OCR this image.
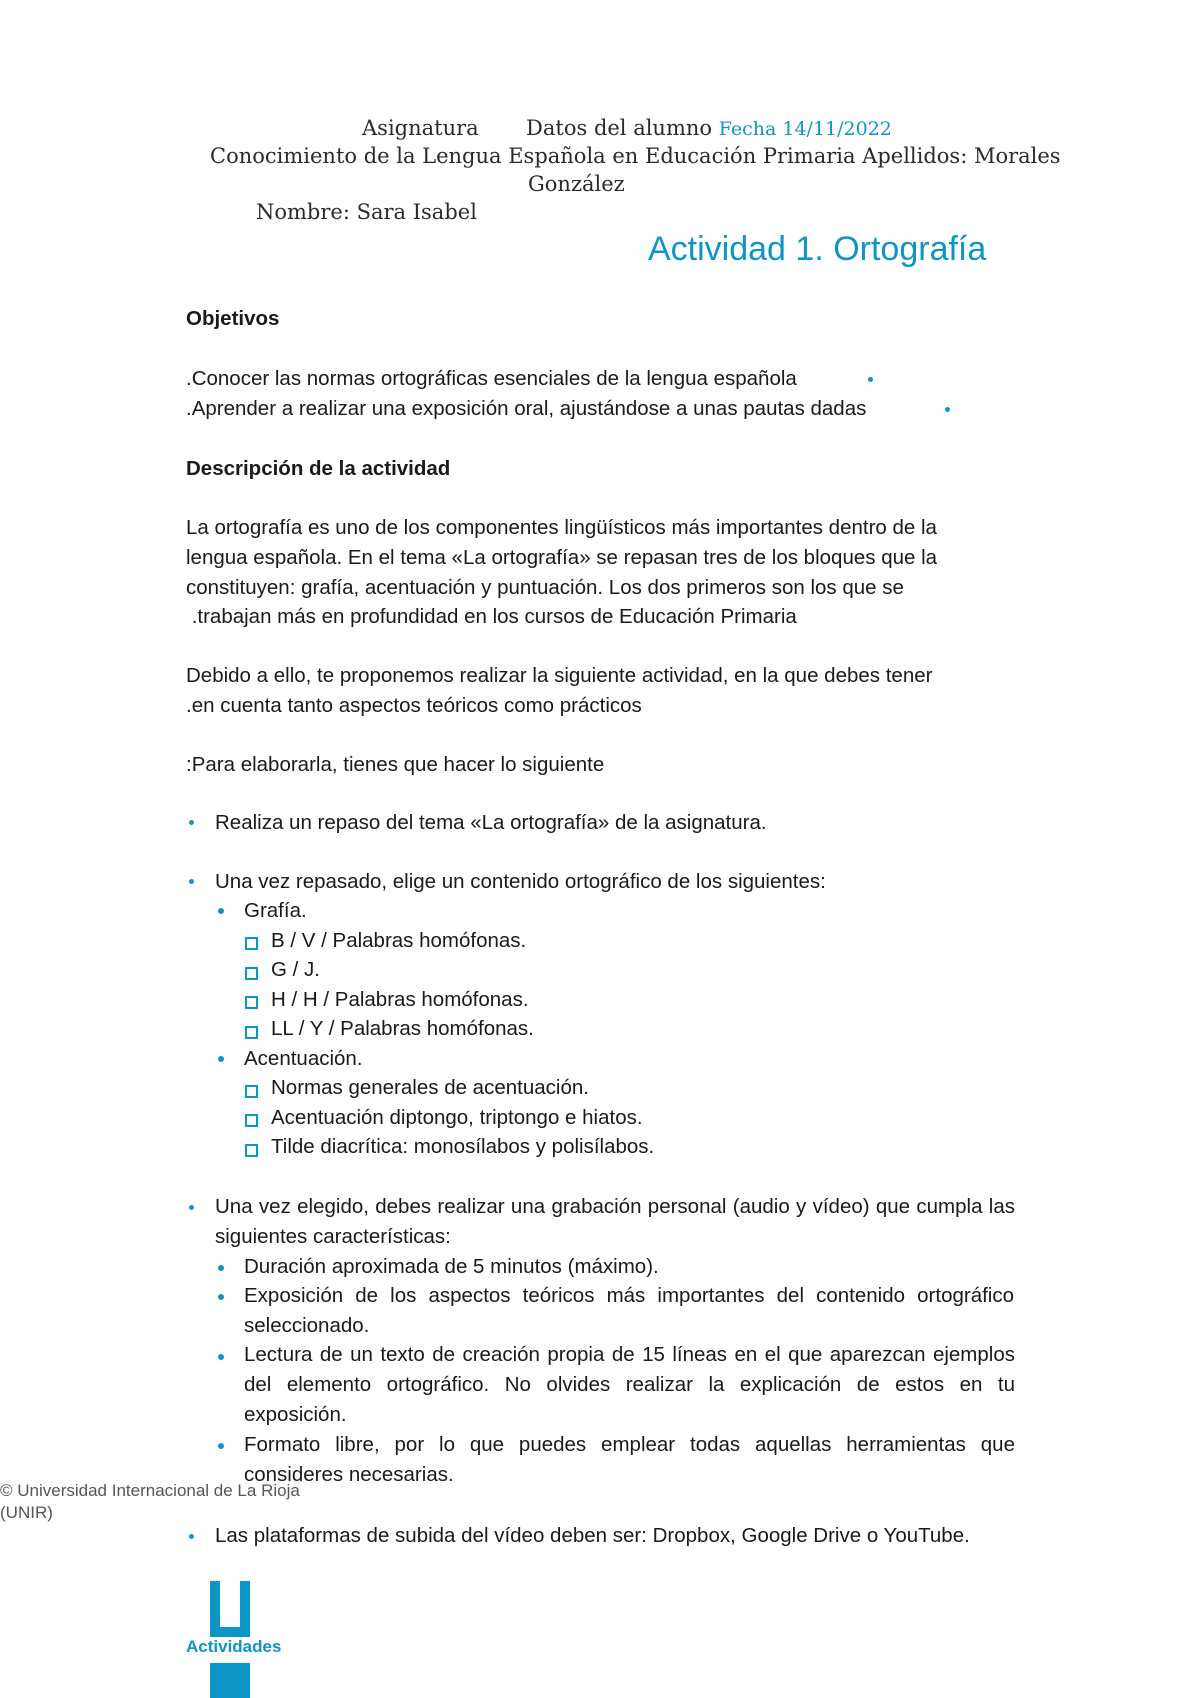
Asignatura Datos del alumno Fecha 14/11/2022
Conocimiento de la Lengua Española en Educación Primaria Apellidos: Morales
González
Nombre: Sara Isabel
Actividad 1. Ortografía
Objetivos
.Conocer las normas ortográficas esenciales de la lengua española
.Aprender a realizar una exposición oral, ajustándose a unas pautas dadas
Descripción de la actividad
La ortografía es uno de los componentes lingüísticos más importantes dentro de la
lengua española. En el tema «La ortografía» se repasan tres de los bloques que la
constituyen: grafía, acentuación y puntuación. Los dos primeros son los que se
.trabajan más en profundidad en los cursos de Educación Primaria
Debido a ello, te proponemos realizar la siguiente actividad, en la que debes tener
.en cuenta tanto aspectos teóricos como prácticos
:Para elaborarla, tienes que hacer lo siguiente
Realiza un repaso del tema «La ortografía» de la asignatura.
Una vez repasado, elige un contenido ortográfico de los siguientes:
Grafía.
B / V / Palabras homófonas.
G / J.
H / H / Palabras homófonas.
LL / Y / Palabras homófonas.
Acentuación.
Normas generales de acentuación.
Acentuación diptongo, triptongo e hiatos.
Tilde diacrítica: monosílabos y polisílabos.
Una vez elegido, debes realizar una grabación personal (audio y vídeo) que cumpla las siguientes características:
Duración aproximada de 5 minutos (máximo).
Exposición de los aspectos teóricos más importantes del contenido ortográfico seleccionado.
Lectura de un texto de creación propia de 15 líneas en el que aparezcan ejemplos del elemento ortográfico. No olvides realizar la explicación de estos en tu exposición.
Formato libre, por lo que puedes emplear todas aquellas herramientas que consideres necesarias.
© Universidad Internacional de La Rioja
(UNIR)
Las plataformas de subida del vídeo deben ser: Dropbox, Google Drive o YouTube.
Actividades
